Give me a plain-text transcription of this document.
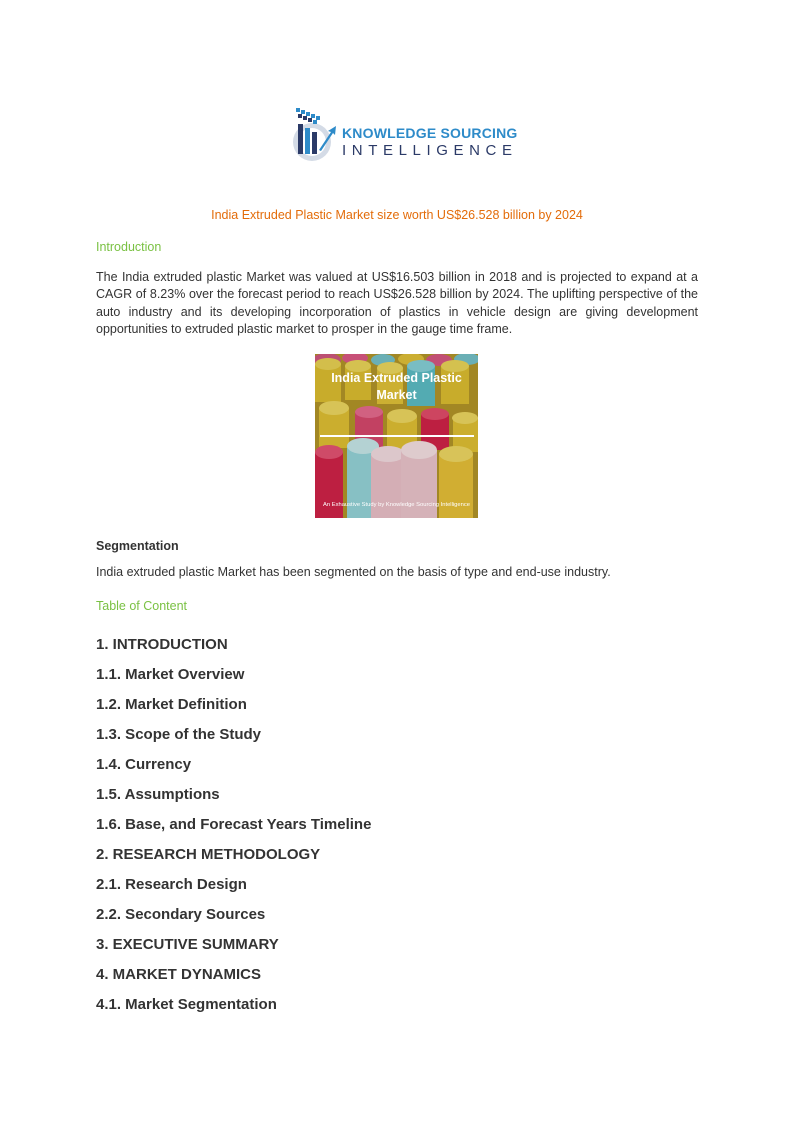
KNOWLEDGE SOURCING
INTELLIGENCE
India Extruded Plastic Market size worth US$26.528 billion by 2024
Introduction
The India extruded plastic Market was valued at US$16.503 billion in 2018 and is projected to expand at a CAGR of 8.23% over the forecast period to reach US$26.528 billion by 2024. The uplifting perspective of the auto industry and its developing incorporation of plastics in vehicle design are giving development opportunities to extruded plastic market to prosper in the gauge time frame.
India Extruded Plastic Market
An Exhaustive Study by Knowledge Sourcing Intelligence
Segmentation
India extruded plastic Market has been segmented on the basis of type and end-use industry.
Table of Content
1. INTRODUCTION
1.1. Market Overview
1.2. Market Definition
1.3. Scope of the Study
1.4. Currency
1.5. Assumptions
1.6. Base, and Forecast Years Timeline
2. RESEARCH METHODOLOGY
2.1. Research Design
2.2. Secondary Sources
3. EXECUTIVE SUMMARY
4. MARKET DYNAMICS
4.1. Market Segmentation
